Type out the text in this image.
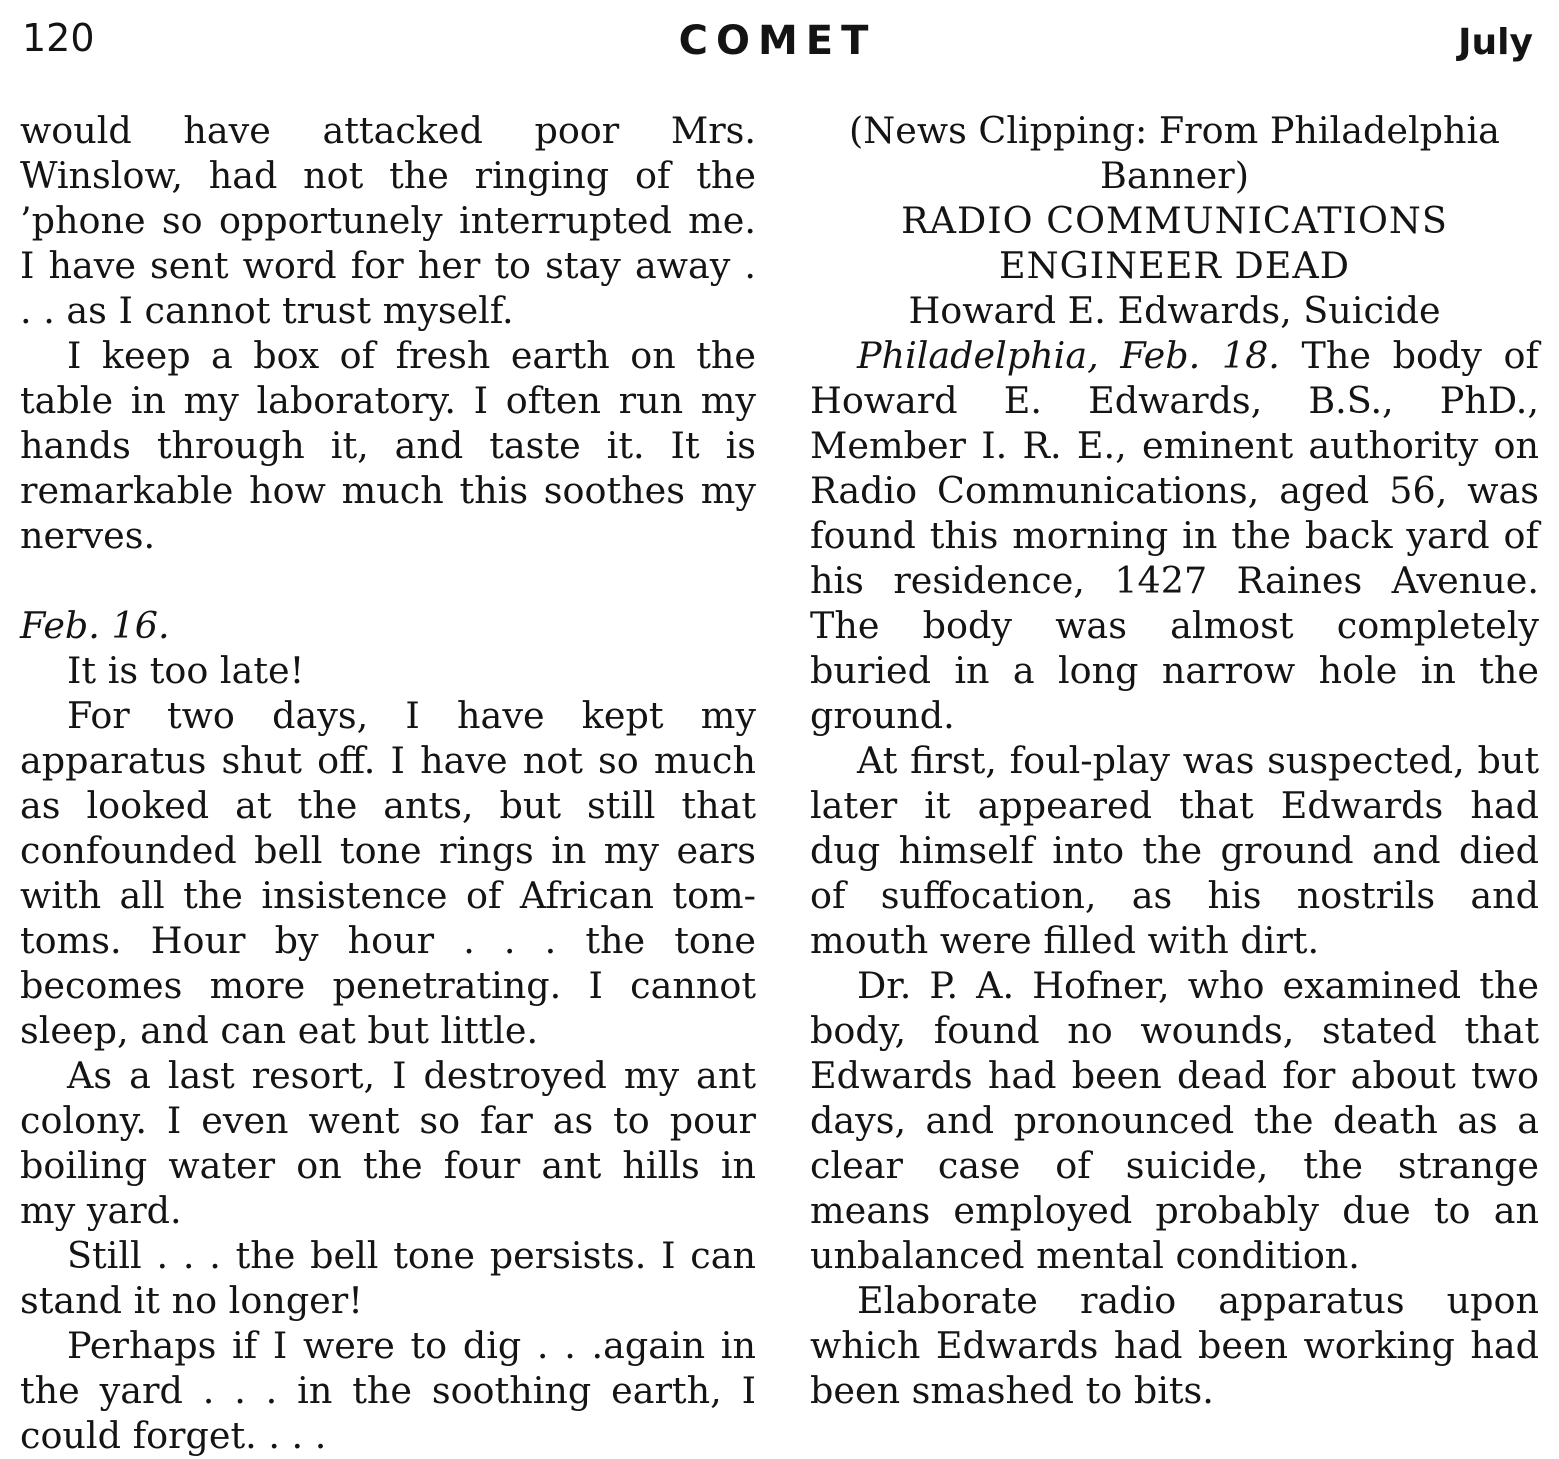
120	COMET	July

would have attacked poor Mrs. Winslow, had not the ringing of the ’phone so opportunely interrupted me. I have sent word for her to stay away . . . as I cannot trust myself.

I keep a box of fresh earth on the table in my laboratory. I often run my hands through it, and taste it. It is remarkable how much this soothes my nerves.

Feb. 16.

It is too late!

For two days, I have kept my apparatus shut off. I have not so much as looked at the ants, but still that confounded bell tone rings in my ears with all the insistence of African tom-toms. Hour by hour . . . the tone becomes more penetrating. I cannot sleep, and can eat but little.

As a last resort, I destroyed my ant colony. I even went so far as to pour boiling water on the four ant hills in my yard.

Still . . . the bell tone persists. I can stand it no longer!

Perhaps if I were to dig . . .again in the yard . . . in the soothing earth, I could forget. . . .

(News Clipping: From Philadelphia

Banner)

RADIO COMMUNICATIONS

ENGINEER DEAD

Howard E. Edwards, Suicide

Philadelphia, Feb. 18. The body of Howard E. Edwards, B.S., PhD., Member I. R. E., eminent authority on Radio Communications, aged 56, was found this morning in the back yard of his residence, 1427 Raines Avenue. The body was almost completely buried in a long narrow hole in the ground.

At first, foul-play was suspected, but later it appeared that Edwards had dug himself into the ground and died of suffocation, as his nostrils and mouth were filled with dirt.

Dr. P. A. Hofner, who examined the body, found no wounds, stated that Edwards had been dead for about two days, and pronounced the death as a clear case of suicide, the strange means employed probably due to an unbalanced mental condition.

Elaborate radio apparatus upon which Edwards had been working had been smashed to bits.
